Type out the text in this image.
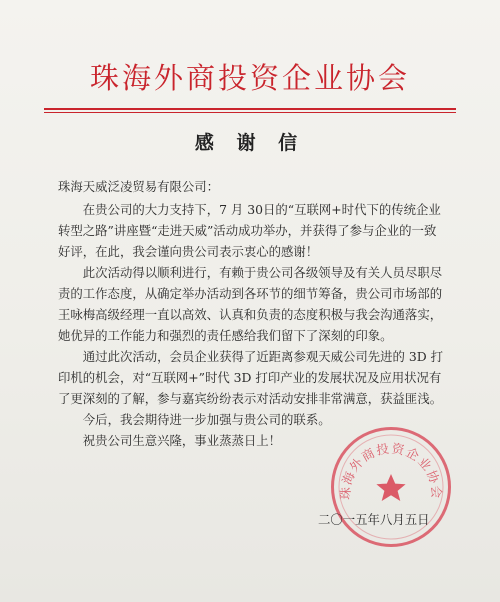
珠海外商投资企业协会
感 谢 信

珠海天威泛凌贸易有限公司：

在贵公司的大力支持下，7 月 30日的“互联网+时代下的传统企业转型之路”讲座暨“走进天威”活动成功举办，并获得了参与企业的一致好评，在此，我会谨向贵公司表示衷心的感谢！

此次活动得以顺利进行，有赖于贵公司各级领导及有关人员尽职尽责的工作态度，从确定举办活动到各环节的细节筹备，贵公司市场部的王咏梅高级经理一直以高效、认真和负责的态度积极与我会沟通落实，她优异的工作能力和强烈的责任感给我们留下了深刻的印象。

通过此次活动，会员企业获得了近距离参观天威公司先进的 3D 打印机的机会，对“互联网+”时代 3D 打印产业的发展状况及应用状况有了更深刻的了解，参与嘉宾纷纷表示对活动安排非常满意，获益匪浅。

今后，我会期待进一步加强与贵公司的联系。

祝贵公司生意兴隆，事业蒸蒸日上！

珠海外商投资企业协会
二〇一五年八月五日
